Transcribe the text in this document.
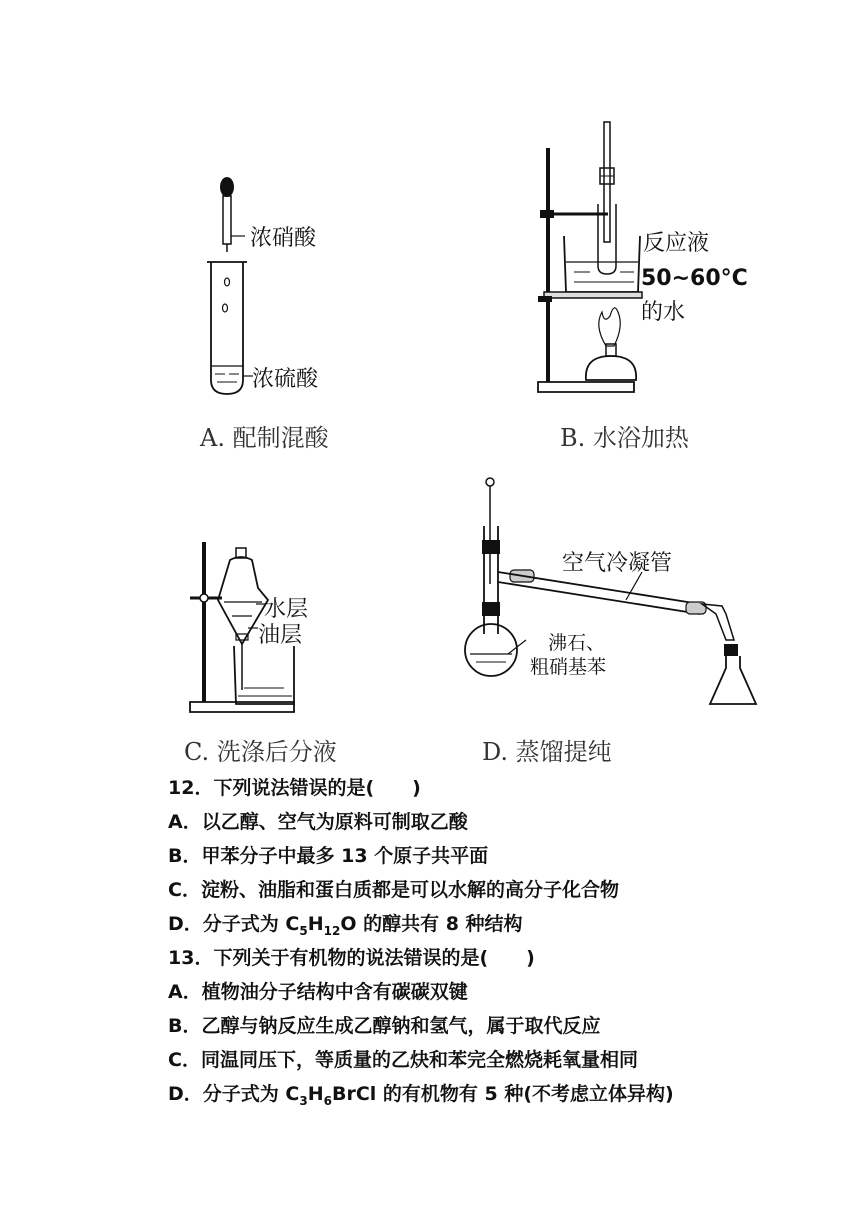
浓硝酸
浓硫酸
A. 配制混酸
反应液
50~60°C
的水
B. 水浴加热
水层
油层
C. 洗涤后分液
空气冷凝管
沸石、
粗硝基苯
D. 蒸馏提纯
12．下列说法错误的是(　　)
A．以乙醇、空气为原料可制取乙酸
B．甲苯分子中最多 13 个原子共平面
C．淀粉、油脂和蛋白质都是可以水解的高分子化合物
D．分子式为 $C_5H_{12}O$ 的醇共有 8 种结构
13．下列关于有机物的说法错误的是(　　)
A．植物油分子结构中含有碳碳双键
B．乙醇与钠反应生成乙醇钠和氢气，属于取代反应
C．同温同压下，等质量的乙炔和苯完全燃烧耗氧量相同
D．分子式为 $C_3H_6BrCl$ 的有机物有 5 种(不考虑立体异构)
